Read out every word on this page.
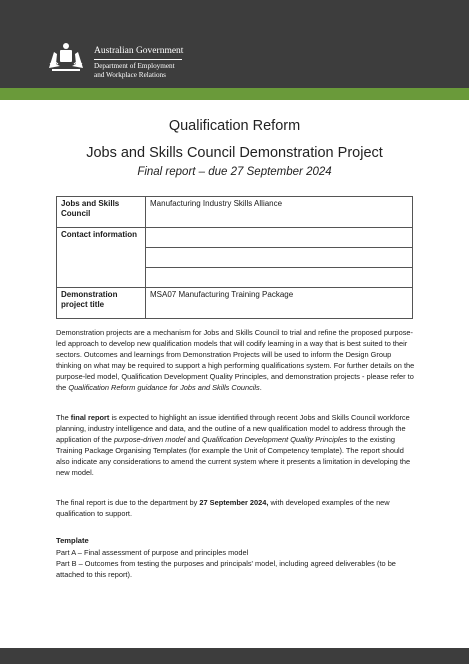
Australian Government
Department of Employment
and Workplace Relations
Qualification Reform
Jobs and Skills Council Demonstration Project
Final report – due 27 September 2024
Jobs and Skills Council	Manufacturing Industry Skills Alliance
Contact information	

Demonstration project title	MSA07 Manufacturing Training Package
Demonstration projects are a mechanism for Jobs and Skills Council to trial and refine the proposed purpose-led approach to develop new qualification models that will codify learning in a way that is best suited to their sectors. Outcomes and learnings from Demonstration Projects will be used to inform the Design Group thinking on what may be required to support a high performing qualifications system. For further details on the purpose-led model, Qualification Development Quality Principles, and demonstration projects - please refer to the Qualification Reform guidance for Jobs and Skills Councils.
The final report is expected to highlight an issue identified through recent Jobs and Skills Council workforce planning, industry intelligence and data, and the outline of a new qualification model to address through the application of the purpose-driven model and Qualification Development Quality Principles to the existing Training Package Organising Templates (for example the Unit of Competency template). The report should also indicate any considerations to amend the current system where it presents a limitation in developing the new model.
The final report is due to the department by 27 September 2024, with developed examples of the new qualification to support.
Template
Part A – Final assessment of purpose and principles model
Part B – Outcomes from testing the purposes and principals' model, including agreed deliverables (to be attached to this report).
